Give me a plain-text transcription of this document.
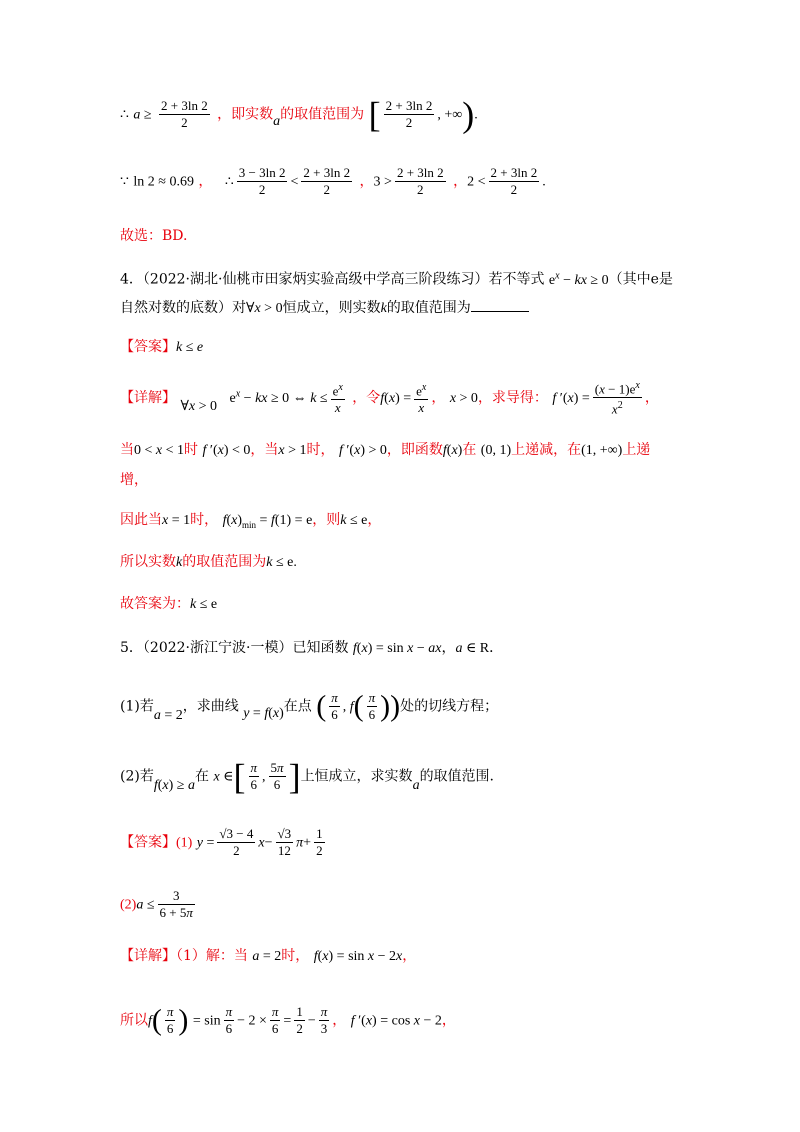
∴ $a \ge \frac{2 + 3\ln 2}{2}$ ，即实数a的取值范围为 [ $\frac{2 + 3\ln 2}{2}$ , +∞).
∵ ln 2 ≈ 0.69 ， ∴ $\frac{3 - 3\ln 2}{2} < \frac{2 + 3\ln 2}{2}$ ，$3 > \frac{2 + 3\ln 2}{2}$ ，$2 < \frac{2 + 3\ln 2}{2}$ .
故选：BD.
4．（2022·湖北·仙桃市田家炳实验高级中学高三阶段练习）若不等式 $e^x$ − kx ≥ 0（其中e是
自然对数的底数）对∀x > 0恒成立，则实数k的取值范围为
【答案】k ≤ e
【详解】 ∀x > 0 $e^x$ − kx ≥ 0 ⇔ $k \le \frac{e^x}{x}$ ，令$f(x) = \frac{e^x}{x}$ ， x > 0，求导得： f $'(x) = \frac{(x - 1)e^x}{x^2}$ ，
当0 < x < 1时 f ′(x) < 0，当x > 1时， f ′(x) > 0，即函数f(x)在 (0, 1)上递减，在(1, +∞)上递
增，
因此当x = 1时， $f(x)_{min} = f(1) = e$，则k ≤ e，
所以实数k的取值范围为k ≤ e.
故答案为：k ≤ e
5．（2022·浙江宁波·一模）已知函数 f(x) = sin x − ax，a ∈ R．
(1)若a = 2，求曲线 y = f(x)在点 ( $\frac{\pi}{6}$ , $f( \frac{\pi}{6}$ ))处的切线方程；
(2)若f(x) ≥ a在 x ∈[ $\frac{\pi}{6}$ , $\frac{5\pi}{6}$ ]上恒成立，求实数a的取值范围.
【答案】(1) $y = \frac{√3 - 4}{2} x- \frac{√3}{12} \pi+ \frac{1}{2}$
$(2)a \le \frac{3}{6 + 5\pi}$
【详解】（1）解：当 a = 2时， f(x) = sin x − 2x，
所以$f( \frac{\pi}{6}$ ) = $\sin \frac{\pi}{6} - 2 \times \frac{\pi}{6} = \frac{1}{2} - \frac{\pi}{3}$ ， f ′(x) = cos x − 2，
